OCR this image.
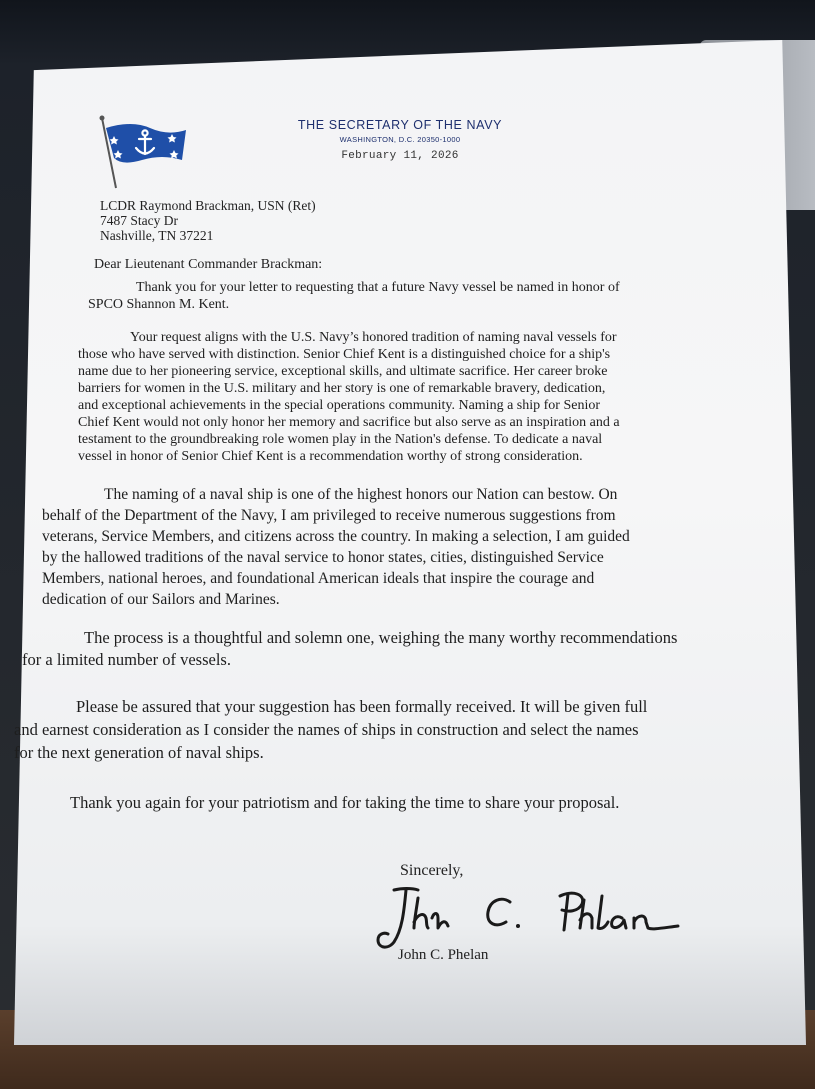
THE SECRETARY OF THE NAVY
WASHINGTON, D.C. 20350-1000
February 11, 2026
LCDR Raymond Brackman, USN (Ret)
7487 Stacy Dr
Nashville, TN 37221
Dear Lieutenant Commander Brackman:
Thank you for your letter to requesting that a future Navy vessel be named in honor of
SPCO Shannon M. Kent.
Your request aligns with the U.S. Navy’s honored tradition of naming naval vessels for
those who have served with distinction. Senior Chief Kent is a distinguished choice for a ship's
name due to her pioneering service, exceptional skills, and ultimate sacrifice. Her career broke
barriers for women in the U.S. military and her story is one of remarkable bravery, dedication,
and exceptional achievements in the special operations community. Naming a ship for Senior
Chief Kent would not only honor her memory and sacrifice but also serve as an inspiration and a
testament to the groundbreaking role women play in the Nation's defense. To dedicate a naval
vessel in honor of Senior Chief Kent is a recommendation worthy of strong consideration.
The naming of a naval ship is one of the highest honors our Nation can bestow. On
behalf of the Department of the Navy, I am privileged to receive numerous suggestions from
veterans, Service Members, and citizens across the country. In making a selection, I am guided
by the hallowed traditions of the naval service to honor states, cities, distinguished Service
Members, national heroes, and foundational American ideals that inspire the courage and
dedication of our Sailors and Marines.
The process is a thoughtful and solemn one, weighing the many worthy recommendations
for a limited number of vessels.
Please be assured that your suggestion has been formally received. It will be given full
and earnest consideration as I consider the names of ships in construction and select the names
for the next generation of naval ships.
Thank you again for your patriotism and for taking the time to share your proposal.
Sincerely,
John C. Phelan
